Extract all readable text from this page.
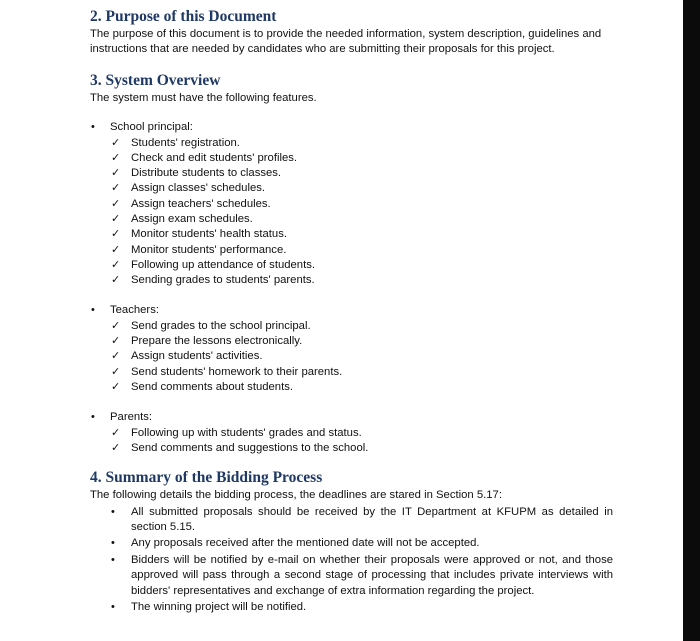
2. Purpose of this Document

The purpose of this document is to provide the needed information, system description, guidelines and instructions that are needed by candidates who are submitting their proposals for this project.

3. System Overview

The system must have the following features.

• School principal:
✓ Students' registration.
✓ Check and edit students' profiles.
✓ Distribute students to classes.
✓ Assign classes' schedules.
✓ Assign teachers' schedules.
✓ Assign exam schedules.
✓ Monitor students' health status.
✓ Monitor students' performance.
✓ Following up attendance of students.
✓ Sending grades to students' parents.
• Teachers:
✓ Send grades to the school principal.
✓ Prepare the lessons electronically.
✓ Assign students' activities.
✓ Send students' homework to their parents.
✓ Send comments about students.
• Parents:
✓ Following up with students' grades and status.
✓ Send comments and suggestions to the school.
4. Summary of the Bidding Process

The following details the bidding process, the deadlines are stared in Section 5.17:

• All submitted proposals should be received by the IT Department at KFUPM as detailed in section 5.15.
• Any proposals received after the mentioned date will not be accepted.
• Bidders will be notified by e-mail on whether their proposals were approved or not, and those approved will pass through a second stage of processing that includes private interviews with bidders' representatives and exchange of extra information regarding the project.
• The winning project will be notified.
